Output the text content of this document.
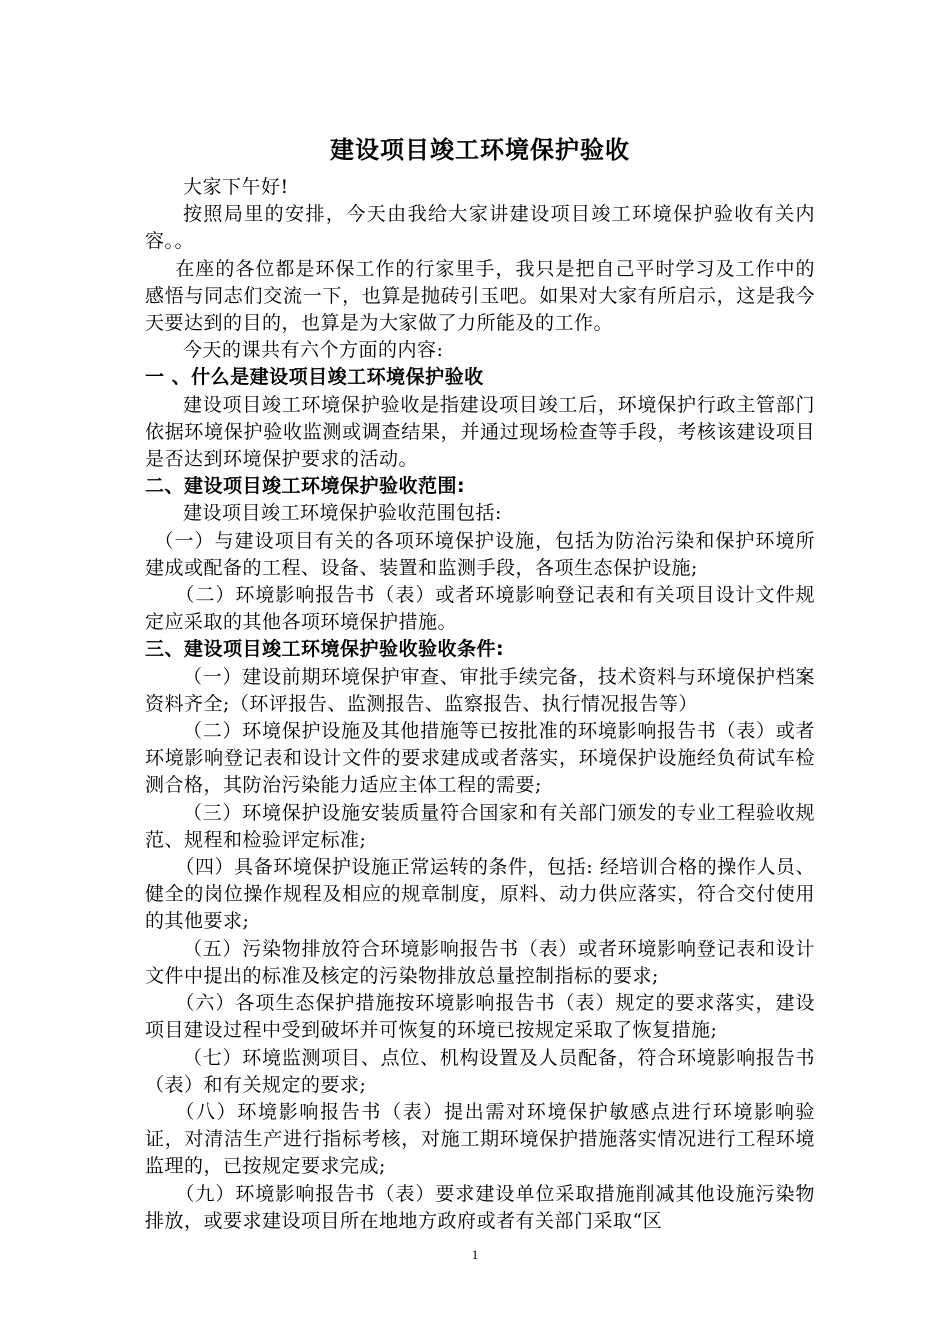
建设项目竣工环境保护验收

大家下午好!

按照局里的安排，今天由我给大家讲建设项目竣工环境保护验收有关内容。。

在座的各位都是环保工作的行家里手，我只是把自己平时学习及工作中的感悟与同志们交流一下，也算是抛砖引玉吧。如果对大家有所启示，这是我今天要达到的目的，也算是为大家做了力所能及的工作。

今天的课共有六个方面的内容:

一 、什么是建设项目竣工环境保护验收

建设项目竣工环境保护验收是指建设项目竣工后，环境保护行政主管部门依据环境保护验收监测或调查结果，并通过现场检查等手段，考核该建设项目是否达到环境保护要求的活动。

二、建设项目竣工环境保护验收范围:

建设项目竣工环境保护验收范围包括:

（一）与建设项目有关的各项环境保护设施，包括为防治污染和保护环境所建成或配备的工程、设备、装置和监测手段，各项生态保护设施;

（二）环境影响报告书（表）或者环境影响登记表和有关项目设计文件规定应采取的其他各项环境保护措施。

三、建设项目竣工环境保护验收验收条件:

（一）建设前期环境保护审查、审批手续完备，技术资料与环境保护档案资料齐全;（环评报告、监测报告、监察报告、执行情况报告等）

（二）环境保护设施及其他措施等已按批准的环境影响报告书（表）或者环境影响登记表和设计文件的要求建成或者落实，环境保护设施经负荷试车检测合格，其防治污染能力适应主体工程的需要;

（三）环境保护设施安装质量符合国家和有关部门颁发的专业工程验收规范、规程和检验评定标准;

（四）具备环境保护设施正常运转的条件，包括: 经培训合格的操作人员、健全的岗位操作规程及相应的规章制度，原料、动力供应落实，符合交付使用的其他要求;

（五）污染物排放符合环境影响报告书（表）或者环境影响登记表和设计文件中提出的标准及核定的污染物排放总量控制指标的要求;

（六）各项生态保护措施按环境影响报告书（表）规定的要求落实，建设项目建设过程中受到破坏并可恢复的环境已按规定采取了恢复措施;

（七）环境监测项目、点位、机构设置及人员配备，符合环境影响报告书（表）和有关规定的要求;

（八）环境影响报告书（表）提出需对环境保护敏感点进行环境影响验证，对清洁生产进行指标考核，对施工期环境保护措施落实情况进行工程环境监理的，已按规定要求完成;

（九）环境影响报告书（表）要求建设单位采取措施削减其他设施污染物排放，或要求建设项目所在地地方政府或者有关部门采取“区

1
